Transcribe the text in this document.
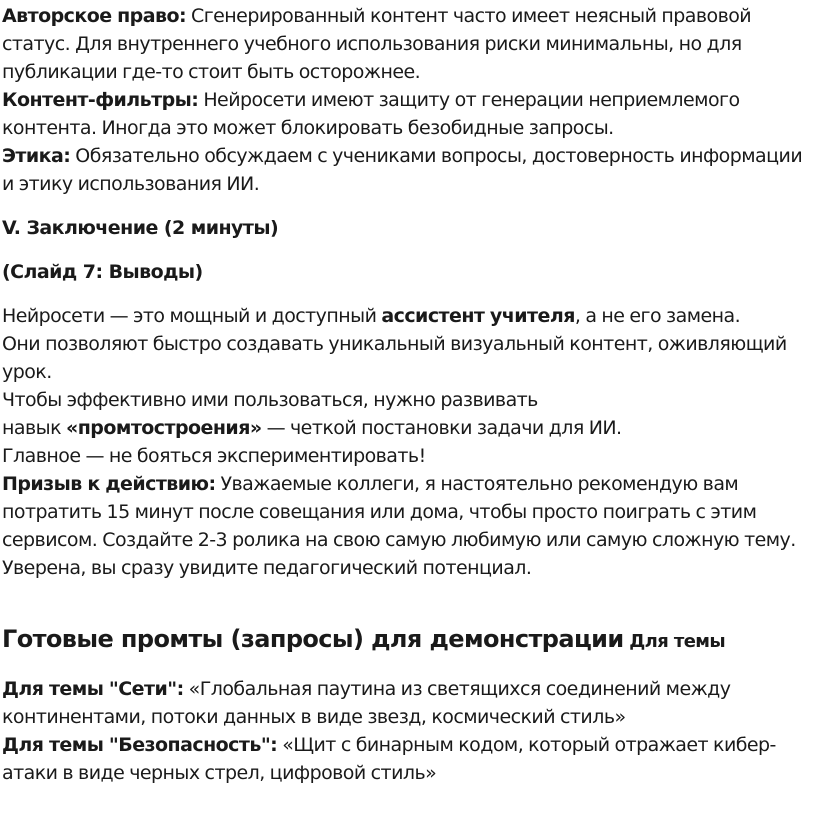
Авторское право: Сгенерированный контент часто имеет неясный правовой статус. Для внутреннего учебного использования риски минимальны, но для публикации где-то стоит быть осторожнее.

Контент-фильтры: Нейросети имеют защиту от генерации неприемлемого контента. Иногда это может блокировать безобидные запросы.

Этика: Обязательно обсуждаем с учениками вопросы, достоверность информации и этику использования ИИ.

V. Заключение (2 минуты)

(Слайд 7: Выводы)

Нейросети — это мощный и доступный ассистент учителя, а не его замена.

Они позволяют быстро создавать уникальный визуальный контент, оживляющий урок.

Чтобы эффективно ими пользоваться, нужно развивать

навык «промтостроения» — четкой постановки задачи для ИИ.

Главное — не бояться экспериментировать!

Призыв к действию: Уважаемые коллеги, я настоятельно рекомендую вам потратить 15 минут после совещания или дома, чтобы просто поиграть с этим сервисом. Создайте 2-3 ролика на свою самую любимую или самую сложную тему. Уверена, вы сразу увидите педагогический потенциал.

Готовые промты (запросы) для демонстрации Для темы

Для темы "Сети": «Глобальная паутина из светящихся соединений между континентами, потоки данных в виде звезд, космический стиль»

Для темы "Безопасность": «Щит с бинарным кодом, который отражает кибер-атаки в виде черных стрел, цифровой стиль»
